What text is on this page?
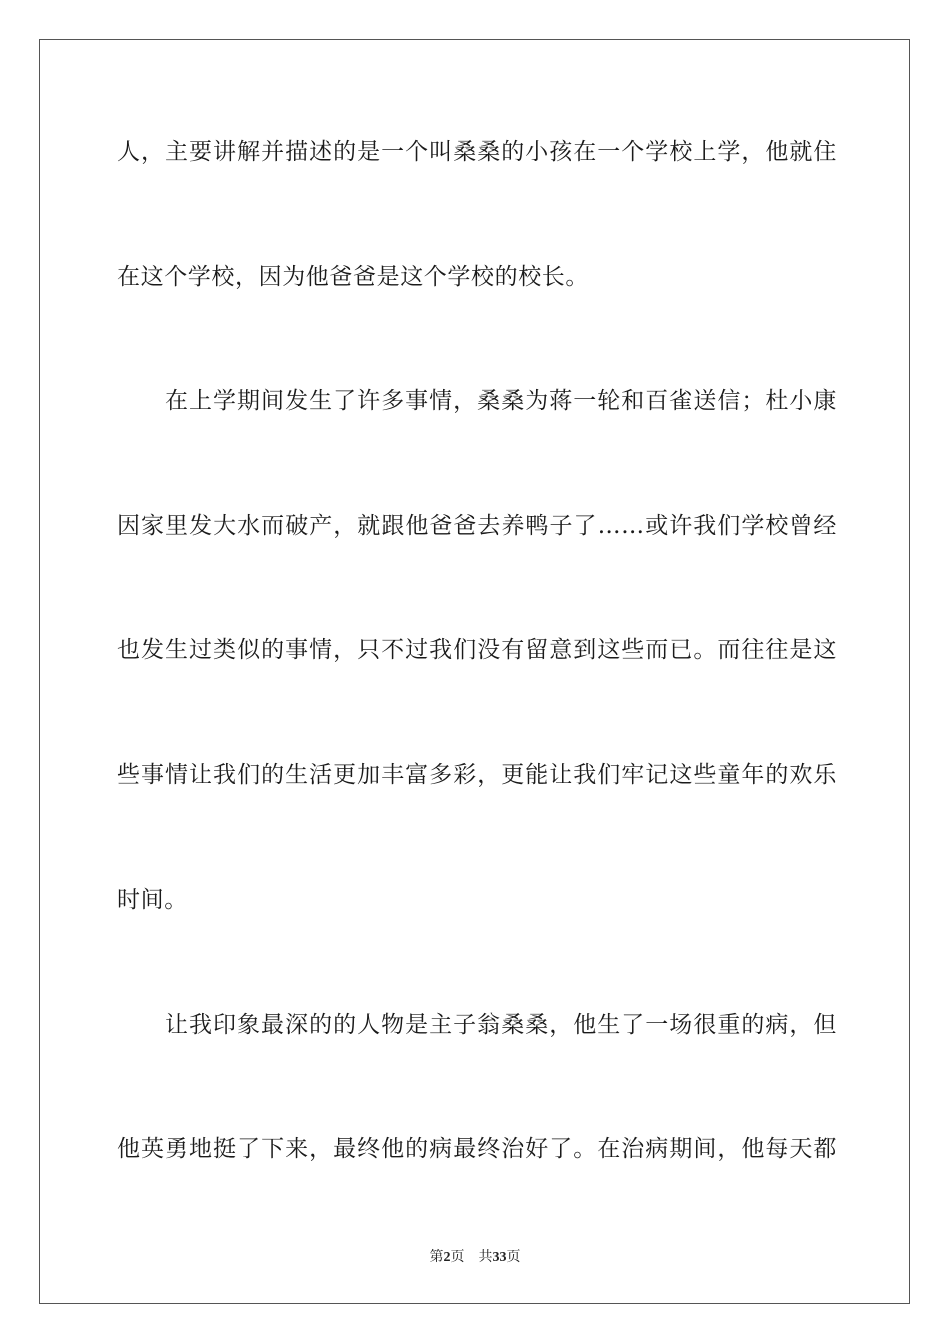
人，主要讲解并描述的是一个叫桑桑的小孩在一个学校上学，他就住
在这个学校，因为他爸爸是这个学校的校长。
在上学期间发生了许多事情，桑桑为蒋一轮和百雀送信；杜小康
因家里发大水而破产，就跟他爸爸去养鸭子了……或许我们学校曾经
也发生过类似的事情，只不过我们没有留意到这些而已。而往往是这
些事情让我们的生活更加丰富多彩，更能让我们牢记这些童年的欢乐
时间。
让我印象最深的的人物是主子翁桑桑，他生了一场很重的病，但
他英勇地挺了下来，最终他的病最终治好了。在治病期间，他每天都
第2页 共33页
